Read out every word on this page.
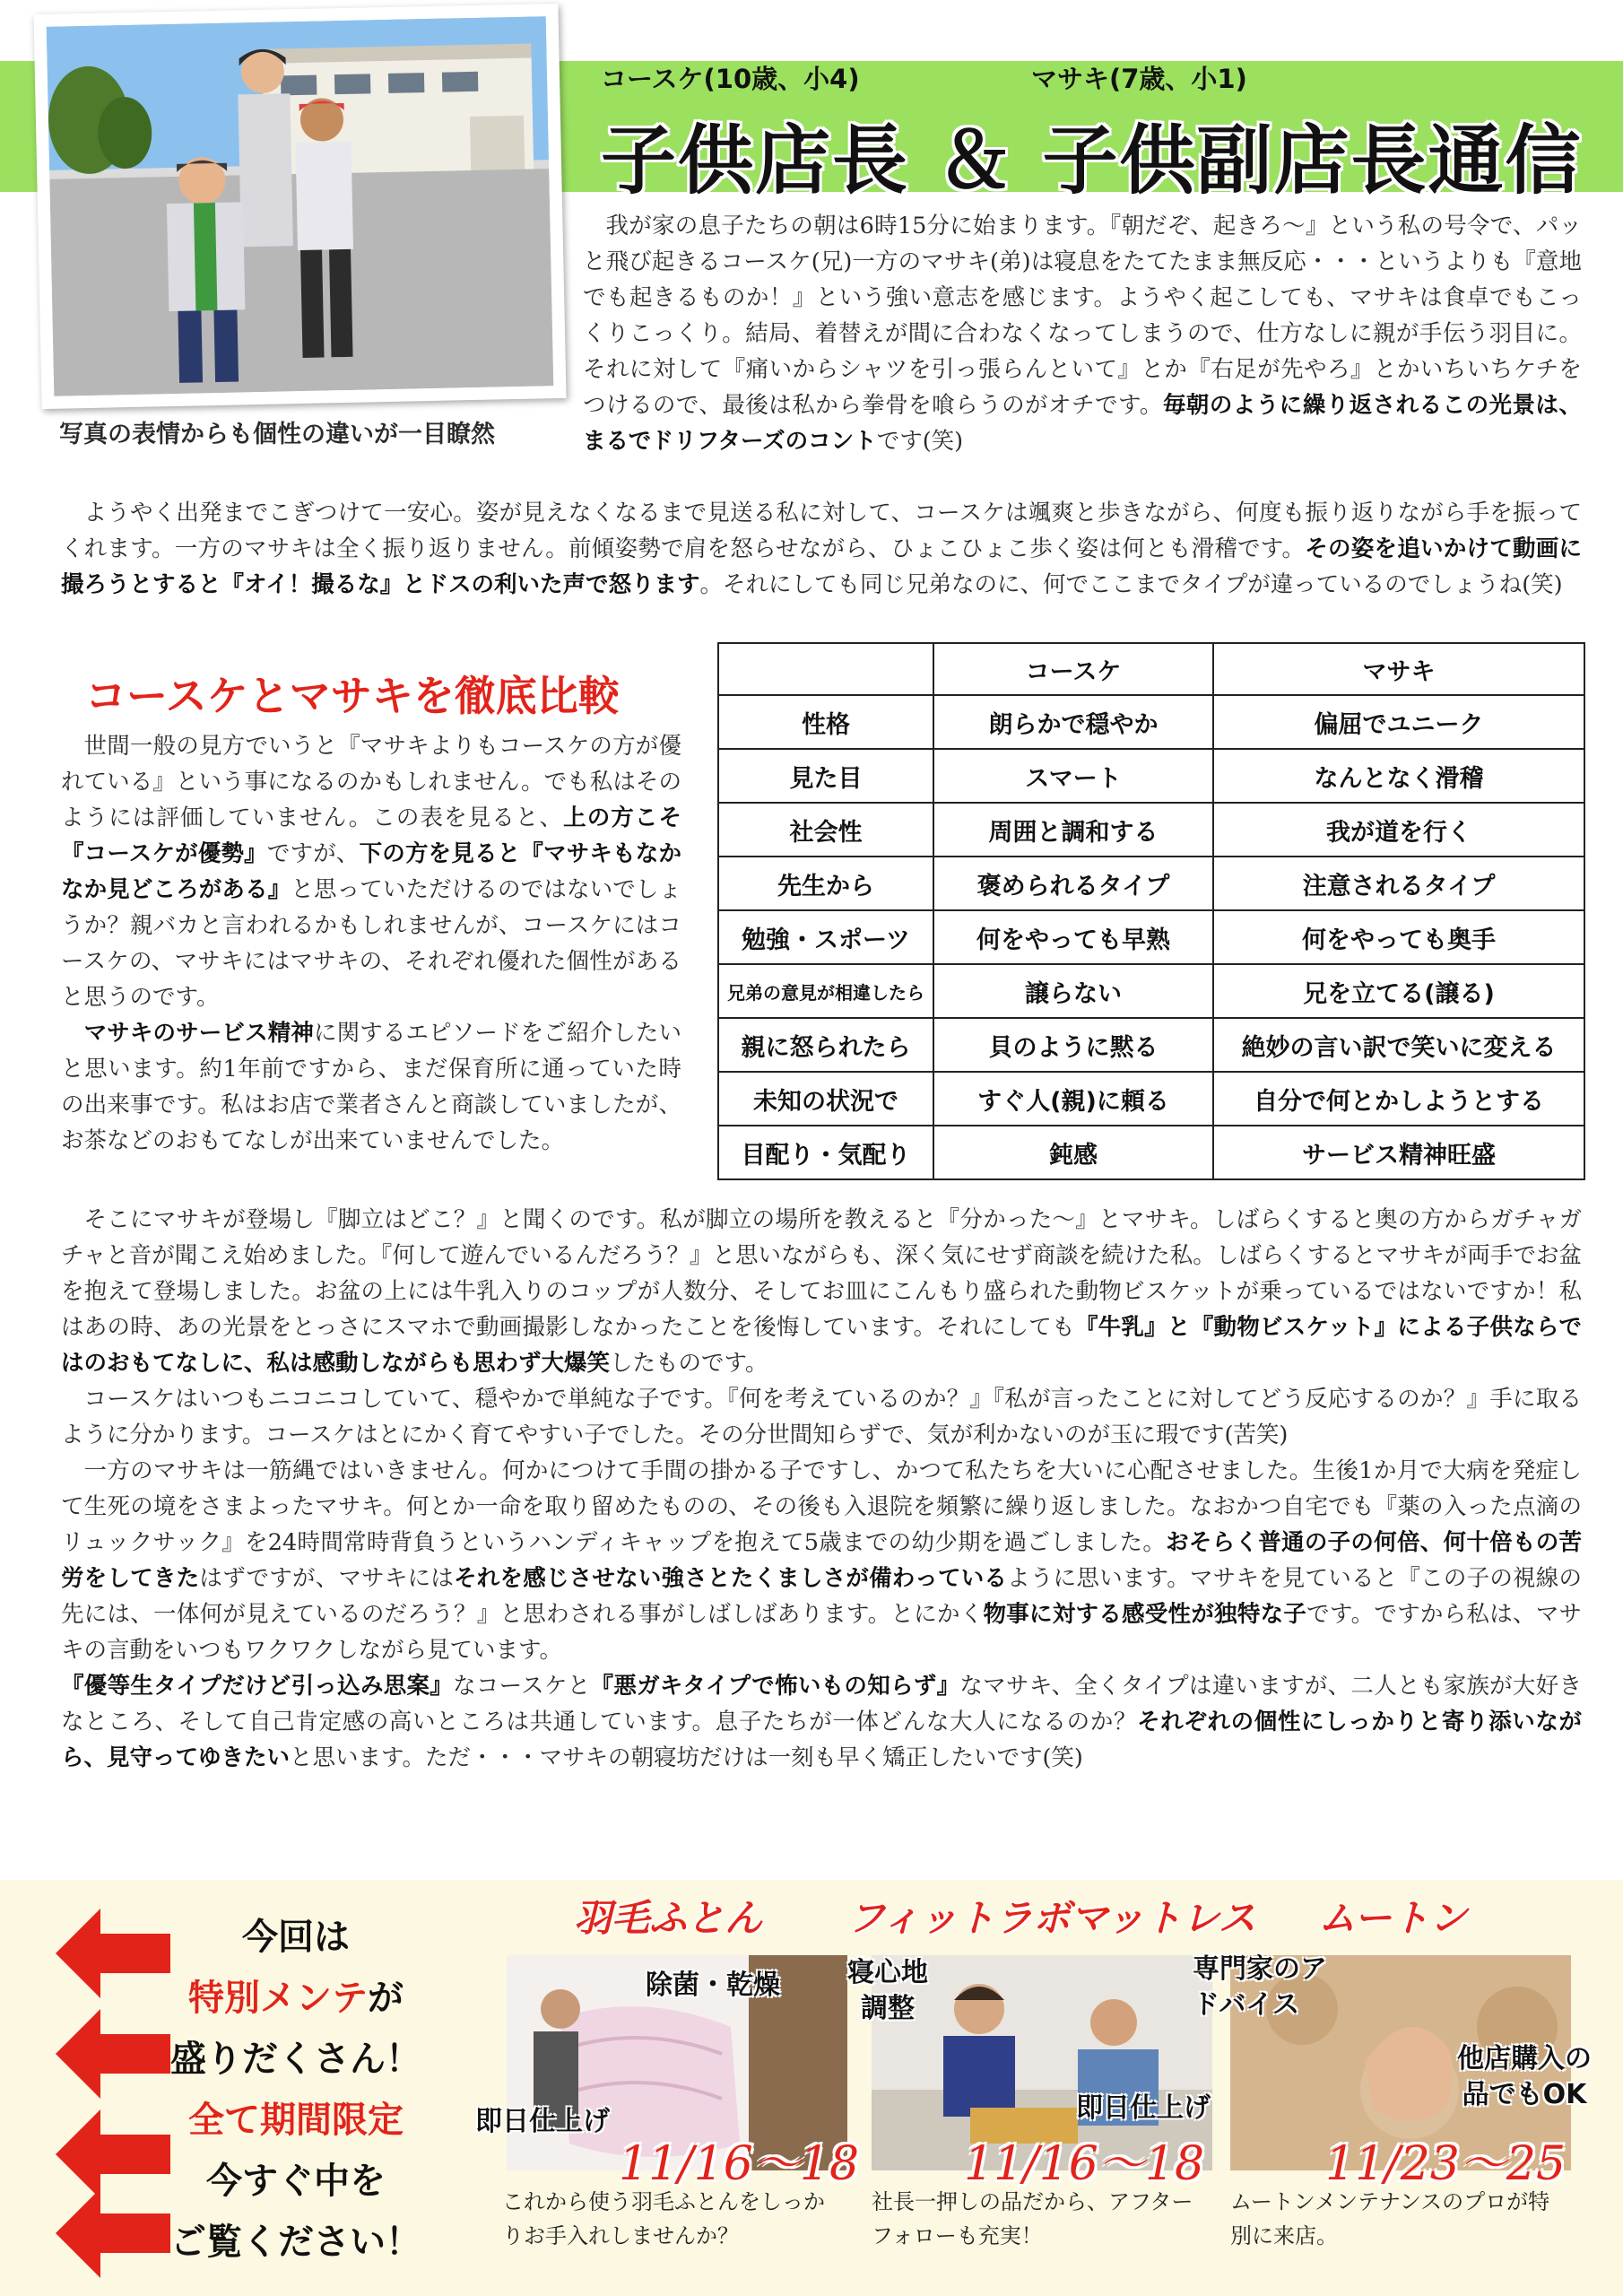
写真の表情からも個性の違いが一目瞭然
コースケ(10歳、小4)	マサキ(7歳、小1)
子供店長 ＆ 子供副店長通信
我が家の息子たちの朝は6時15分に始まります。『朝だぞ、起きろ～』という私の号令で、パッと飛び起きるコースケ(兄)一方のマサキ(弟)は寝息をたてたまま無反応・・・というよりも『意地でも起きるものか！』という強い意志を感じます。ようやく起こしても、マサキは食卓でもこっくりこっくり。結局、着替えが間に合わなくなってしまうので、仕方なしに親が手伝う羽目に。それに対して『痛いからシャツを引っ張らんといて』とか『右足が先やろ』とかいちいちケチをつけるので、最後は私から拳骨を喰らうのがオチです。毎朝のように繰り返されるこの光景は、まるでドリフターズのコントです(笑)
ようやく出発までこぎつけて一安心。姿が見えなくなるまで見送る私に対して、コースケは颯爽と歩きながら、何度も振り返りながら手を振ってくれます。一方のマサキは全く振り返りません。前傾姿勢で肩を怒らせながら、ひょこひょこ歩く姿は何とも滑稽です。その姿を追いかけて動画に撮ろうとすると『オイ！撮るな』とドスの利いた声で怒ります。それにしても同じ兄弟なのに、何でここまでタイプが違っているのでしょうね(笑)
コースケとマサキを徹底比較
世間一般の見方でいうと『マサキよりもコースケの方が優れている』という事になるのかもしれません。でも私はそのようには評価していません。この表を見ると、上の方こそ『コースケが優勢』ですが、下の方を見ると『マサキもなかなか見どころがある』と思っていただけるのではないでしょうか？親バカと言われるかもしれませんが、コースケにはコースケの、マサキにはマサキの、それぞれ優れた個性があると思うのです。
マサキのサービス精神に関するエピソードをご紹介したいと思います。約1年前ですから、まだ保育所に通っていた時の出来事です。私はお店で業者さんと商談していましたが、お茶などのおもてなしが出来ていませんでした。
	コースケ	マサキ
性格	朗らかで穏やか	偏屈でユニーク
見た目	スマート	なんとなく滑稽
社会性	周囲と調和する	我が道を行く
先生から	褒められるタイプ	注意されるタイプ
勉強・スポーツ	何をやっても早熟	何をやっても奥手
兄弟の意見が相違したら	譲らない	兄を立てる(譲る)
親に怒られたら	貝のように黙る	絶妙の言い訳で笑いに変える
未知の状況で	すぐ人(親)に頼る	自分で何とかしようとする
目配り・気配り	鈍感	サービス精神旺盛

そこにマサキが登場し『脚立はどこ？』と聞くのです。私が脚立の場所を教えると『分かった～』とマサキ。しばらくすると奥の方からガチャガチャと音が聞こえ始めました。『何して遊んでいるんだろう？』と思いながらも、深く気にせず商談を続けた私。しばらくするとマサキが両手でお盆を抱えて登場しました。お盆の上には牛乳入りのコップが人数分、そしてお皿にこんもり盛られた動物ビスケットが乗っているではないですか！私はあの時、あの光景をとっさにスマホで動画撮影しなかったことを後悔しています。それにしても『牛乳』と『動物ビスケット』による子供ならではのおもてなしに、私は感動しながらも思わず大爆笑したものです。

コースケはいつもニコニコしていて、穏やかで単純な子です。『何を考えているのか？』『私が言ったことに対してどう反応するのか？』手に取るように分かります。コースケはとにかく育てやすい子でした。その分世間知らずで、気が利かないのが玉に瑕です(苦笑)

一方のマサキは一筋縄ではいきません。何かにつけて手間の掛かる子ですし、かつて私たちを大いに心配させました。生後1か月で大病を発症して生死の境をさまよったマサキ。何とか一命を取り留めたものの、その後も入退院を頻繁に繰り返しました。なおかつ自宅でも『薬の入った点滴のリュックサック』を24時間常時背負うというハンディキャップを抱えて5歳までの幼少期を過ごしました。おそらく普通の子の何倍、何十倍もの苦労をしてきたはずですが、マサキにはそれを感じさせない強さとたくましさが備わっているように思います。マサキを見ていると『この子の視線の先には、一体何が見えているのだろう？』と思わされる事がしばしばあります。とにかく物事に対する感受性が独特な子です。ですから私は、マサキの言動をいつもワクワクしながら見ています。

『優等生タイプだけど引っ込み思案』なコースケと『悪ガキタイプで怖いもの知らず』なマサキ、全くタイプは違いますが、二人とも家族が大好きなところ、そして自己肯定感の高いところは共通しています。息子たちが一体どんな大人になるのか？それぞれの個性にしっかりと寄り添いながら、見守ってゆきたいと思います。ただ・・・マサキの朝寝坊だけは一刻も早く矯正したいです(笑)

今回は
特別メンテが
盛りだくさん！
全て期間限定
今すぐ中を
ご覧ください！
羽毛ふとん
除菌・乾燥
即日仕上げ
11/16～18
これから使う羽毛ふとんをしっかりお手入れしませんか？
フィットラボマットレス
寝心地調整
即日仕上げ
11/16～18
社長一押しの品だから、アフターフォローも充実！
ムートン
専門家のアドバイス
他店購入の品でもOK
11/23～25
ムートンメンテナンスのプロが特別に来店。
